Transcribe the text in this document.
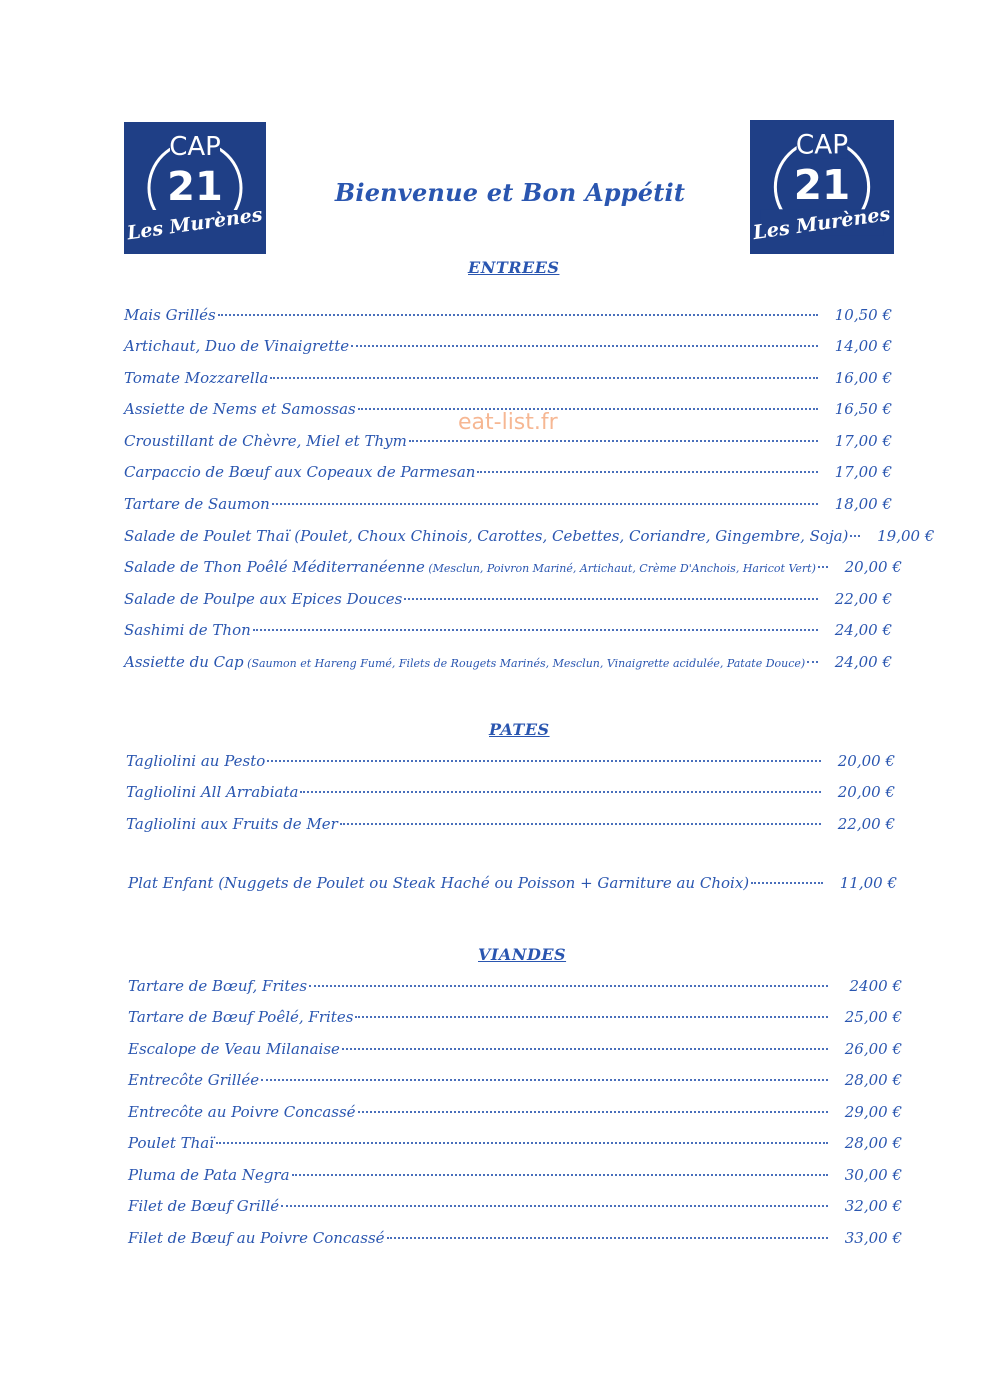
CAP
21
Les Murènes
CAP
21
Les Murènes
Bienvenue et Bon Appétit
eat-list.fr
ENTREES
PATES
VIANDES
Mais Grillés	10,50 €
Artichaut, Duo de Vinaigrette	14,00 €
Tomate Mozzarella	16,00 €
Assiette de Nems et Samossas	16,50 €
Croustillant de Chèvre, Miel et Thym	17,00 €
Carpaccio de Bœuf aux Copeaux de Parmesan	17,00 €
Tartare de Saumon	18,00 €
Salade de Poulet Thaï (Poulet, Choux Chinois, Carottes, Cebettes, Coriandre, Gingembre, Soja)	19,00 €
Salade de Thon Poêlé Méditerranéenne (Mesclun, Poivron Mariné, Artichaut, Crème D'Anchois, Haricot Vert)	20,00 €
Salade de Poulpe aux Epices Douces	22,00 €
Sashimi de Thon	24,00 €
Assiette du Cap (Saumon et Hareng Fumé, Filets de Rougets Marinés, Mesclun, Vinaigrette acidulée, Patate Douce)	24,00 €
Tagliolini au Pesto	20,00 €
Tagliolini All Arrabiata	20,00 €
Tagliolini aux Fruits de Mer	22,00 €
Plat Enfant (Nuggets de Poulet ou Steak Haché ou Poisson + Garniture au Choix)	11,00 €
Tartare de Bœuf, Frites	2400 €
Tartare de Bœuf Poêlé, Frites	25,00 €
Escalope de Veau Milanaise	26,00 €
Entrecôte Grillée	28,00 €
Entrecôte au Poivre Concassé	29,00 €
Poulet Thaï	28,00 €
Pluma de Pata Negra	30,00 €
Filet de Bœuf Grillé	32,00 €
Filet de Bœuf au Poivre Concassé	33,00 €
